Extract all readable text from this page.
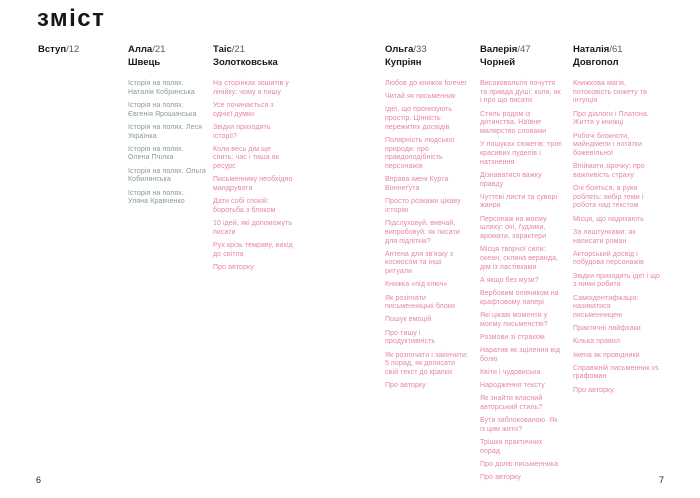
зміст
Вступ/12	Алла/21
Швець

Історія на полях. Наталія Кобринська

Історія на полях. Євгенія Ярошинська

Історія на полях. Леся Українка

Історія на полях. Олена Пчілка

Історія на полях. Ольга Кобилянська

Історія на полях. Уляна Кравченко

Таіс/21
Золотковська

На сторінках зошитів у лінійку: чому я пишу

Усе починається з однієї думки

Звідки приходять історії?

Коли весь дім ще спить: час і тиша як ресурс

Письменнику необхідно мандрувати

Дати собі спокій: боротьба з блоком

10 ідей, які допоможуть писати

Рух крізь темряву, вихід до світла

Про авторку

Ольга/33
Купріян

Любов до книжок forever

Читай як письменник

Ідеї, що пронизують простір. Цінність пережитих досвідів

Полярність людської природи: про правдоподібність персонажів

Вправа імені Курта Воннеґута

Просто розкажи цікаву історію

Підслуховуй, вивчай, випробовуй: як писати для підлітків?

Антена для зв'язку з космосом та інші ритуали

Книжка «під ключ»

Як розігнати письменницькі блоки

Пошук емоцій

Про тишу і продуктивність

Як розпочати і закінчити: 5 порад, як дописати свій текст до крапки

Про авторку

Валерія/47
Чорней

Високовольтні почуття та правда душі: коли, як і про що писати

Стиль родом із дитинства. Наївне малярство словами

У пошуках сюжетів: троє красивих пуделів і натхнення

Дізнаватися важку правду

Чуттєві листи та суворі жанри

Персонаж на моєму шляху: очі, ґудзики, аромати, характери

Місця творчої сили: океан, скляна веранда, дім із ластівками

А якщо без музи?

Вербовим олівчиком на крафтовому папері

Які цікаві моменти у моєму письменстві?

Розмови зі страхом

Наратив як зцілення від болю

Квіти і чудовиська

Народження тексту

Як знайти власний авторський стиль?

Бути заблокованою. Як із цим жити?

Трішки практичних порад

Про долю письменника

Про авторку

Наталія/61
Довгопол

Книжкова магія, потоковість сюжету та інтуїція

Про діалоги і Платона. Життя у книжці

Робочі блокноти, майндмепи і нотатки божевільної

Впіймати зірочку: про важливість страху

Очі бояться, а руки роблять: вибір теми і робота над текстом

Місця, що надихають

За лаштунками: як написати роман

Акторський досвід і побудова персонажів

Звідки приходять ідеї і що з ними робити

Самоідентифікація: називатися письменницею

Практичні лайфхаки

Кілька правил

Імена як провідники

Справжній письменник vs графоман

Про авторку

6	7
